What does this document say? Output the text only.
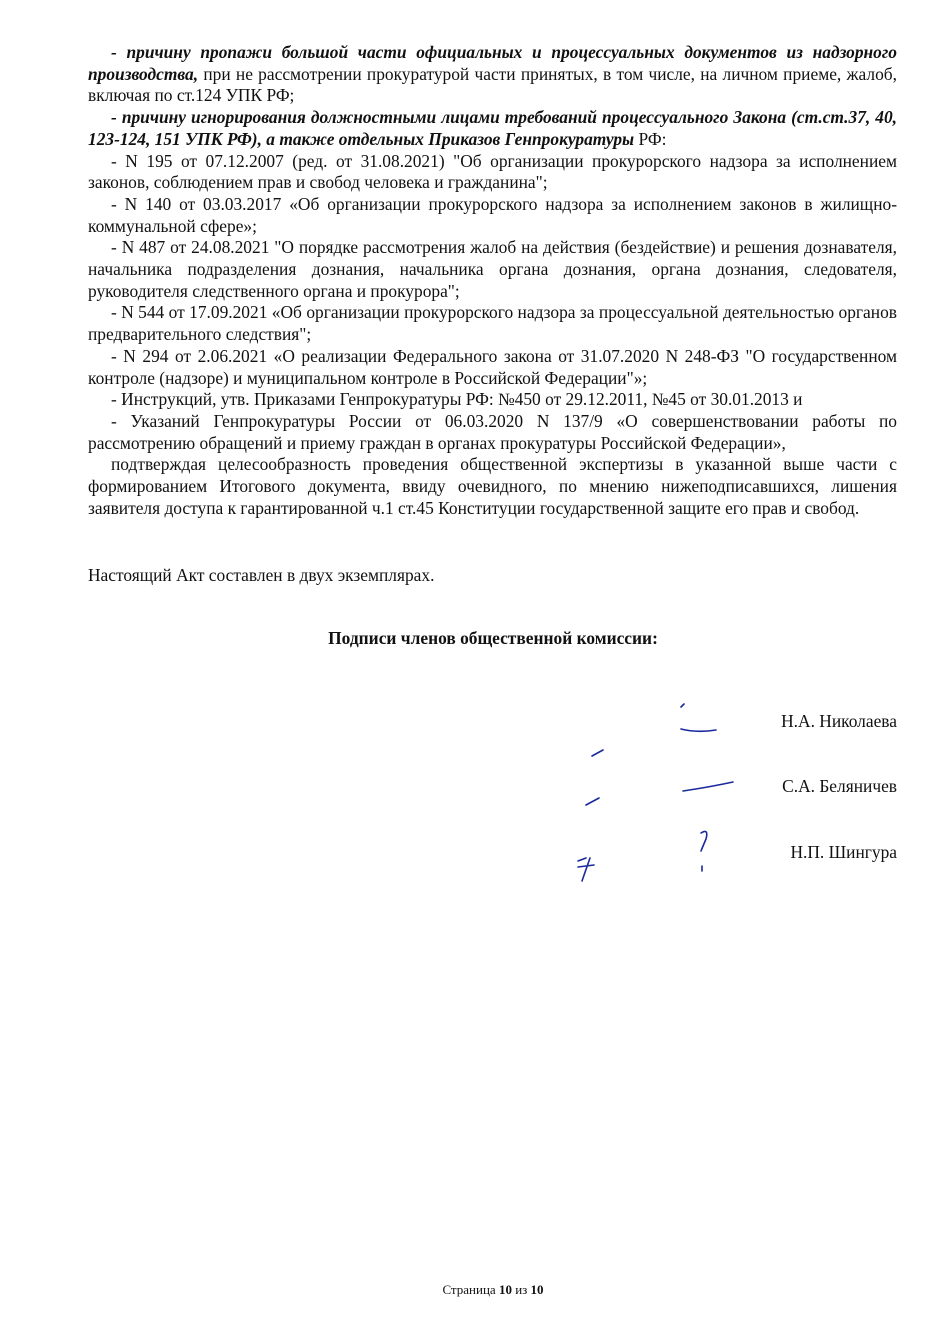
- причину пропажи большой части официальных и процессуальных документов из надзорного производства, при не рассмотрении прокуратурой части принятых, в том числе, на личном приеме, жалоб, включая по ст.124 УПК РФ;

- причину игнорирования должностными лицами требований процессуального Закона (ст.ст.37, 40, 123-124, 151 УПК РФ), а также отдельных Приказов Генпрокуратуры РФ:

- N 195 от 07.12.2007 (ред. от 31.08.2021) "Об организации прокурорского надзора за исполнением законов, соблюдением прав и свобод человека и гражданина";

- N 140 от 03.03.2017 «Об организации прокурорского надзора за исполнением законов в жилищно-коммунальной сфере»;

- N 487 от 24.08.2021 "О порядке рассмотрения жалоб на действия (бездействие) и решения дознавателя, начальника подразделения дознания, начальника органа дознания, органа дознания, следователя, руководителя следственного органа и прокурора";

- N 544 от 17.09.2021 «Об организации прокурорского надзора за процессуальной деятельностью органов предварительного следствия";

- N 294 от 2.06.2021 «О реализации Федерального закона от 31.07.2020 N 248-ФЗ "О государственном контроле (надзоре) и муниципальном контроле в Российской Федерации"»;

- Инструкций, утв. Приказами Генпрокуратуры РФ: №450 от 29.12.2011, №45 от 30.01.2013 и

- Указаний Генпрокуратуры России от 06.03.2020 N 137/9 «О совершенствовании работы по рассмотрению обращений и приему граждан в органах прокуратуры Российской Федерации»,

подтверждая целесообразность проведения общественной экспертизы в указанной выше части с формированием Итогового документа, ввиду очевидного, по мнению нижеподписавшихся, лишения заявителя доступа к гарантированной ч.1 ст.45 Конституции государственной защите его прав и свобод.

Настоящий Акт составлен в двух экземплярах.
Подписи членов общественной комиссии:
Н.А. Николаева
С.А. Беляничев
Н.П. Шингура
Страница 10 из 10
